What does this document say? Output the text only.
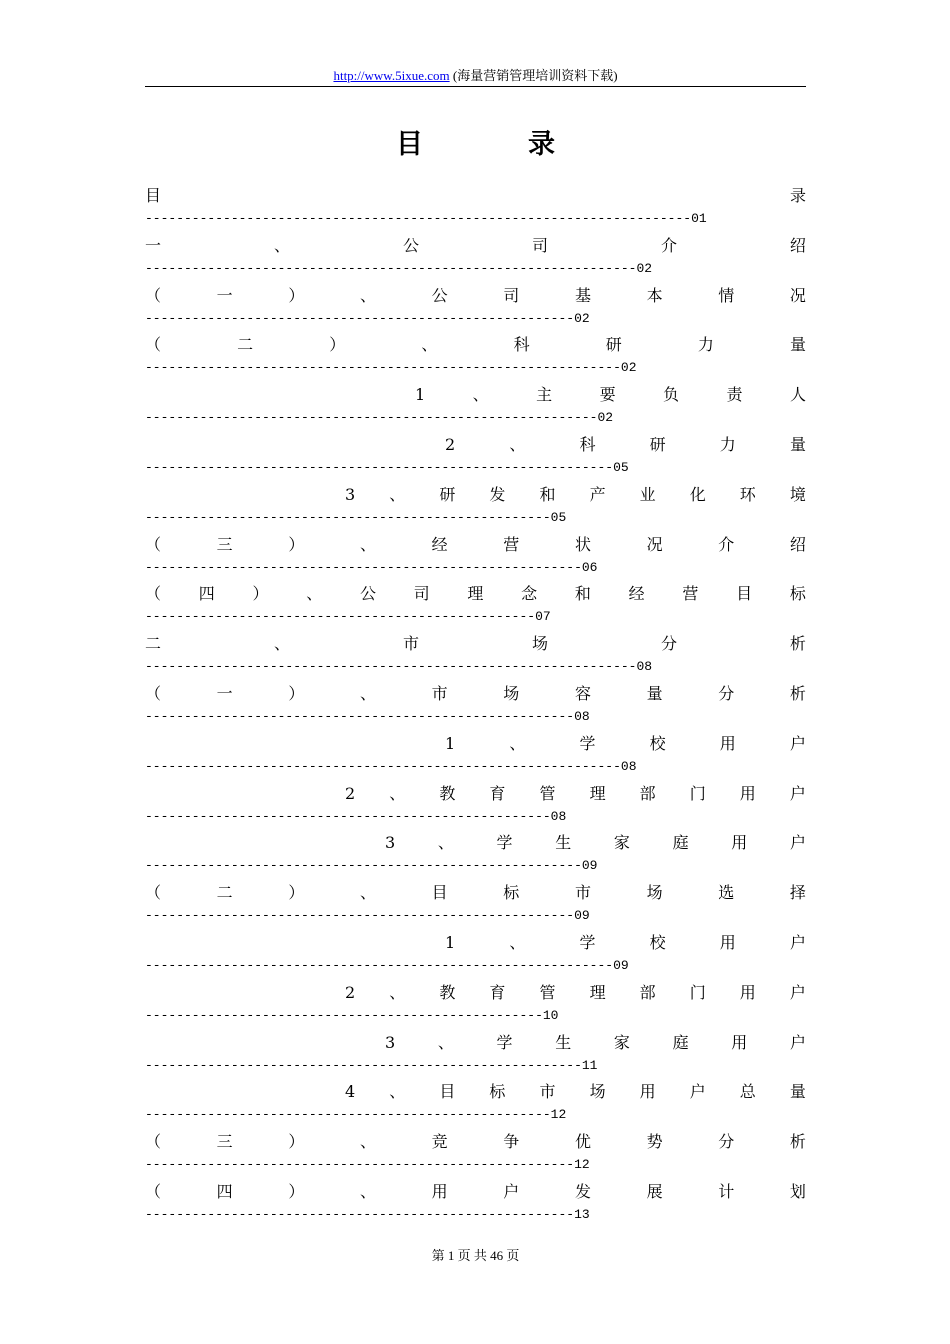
http://www.5ixue.com (海量营销管理培训资料下载)
目	录
目	录
----------------------------------------------------------------------01
一	、	公	司	介	绍
---------------------------------------------------------------02
（	一	）	、	公	司	基	本	情	况
-------------------------------------------------------02
（	二	）	、	科	研	力	量
-------------------------------------------------------------02
1	、	主	要	负	责	人
----------------------------------------------------------02
2	、	科	研	力	量
------------------------------------------------------------05
3 、 研 发 和 产 业 化 环 境
----------------------------------------------------05
（	三	）	、	经	营	状	况	介	绍
--------------------------------------------------------06
（ 四 ） 、 公 司 理 念 和 经 营 目 标
--------------------------------------------------07
二	、	市	场	分	析
---------------------------------------------------------------08
（	一	）	、	市	场	容	量	分	析
-------------------------------------------------------08
1	、	学	校	用	户
-------------------------------------------------------------08
2 、 教 育 管 理 部 门 用 户
----------------------------------------------------08
3	、	学	生	家	庭	用	户
--------------------------------------------------------09
（	二	）	、	目	标	市	场	选	择
-------------------------------------------------------09
1	、	学	校	用	户
------------------------------------------------------------09
2 、 教 育 管 理 部 门 用 户
---------------------------------------------------10
3	、	学	生	家	庭	用	户
--------------------------------------------------------11
4 、 目 标 市 场 用 户 总 量
----------------------------------------------------12
（	三	）	、	竞	争	优	势	分	析
-------------------------------------------------------12
（	四	）	、	用	户	发	展	计	划
-------------------------------------------------------13
第 1 页 共 46 页
